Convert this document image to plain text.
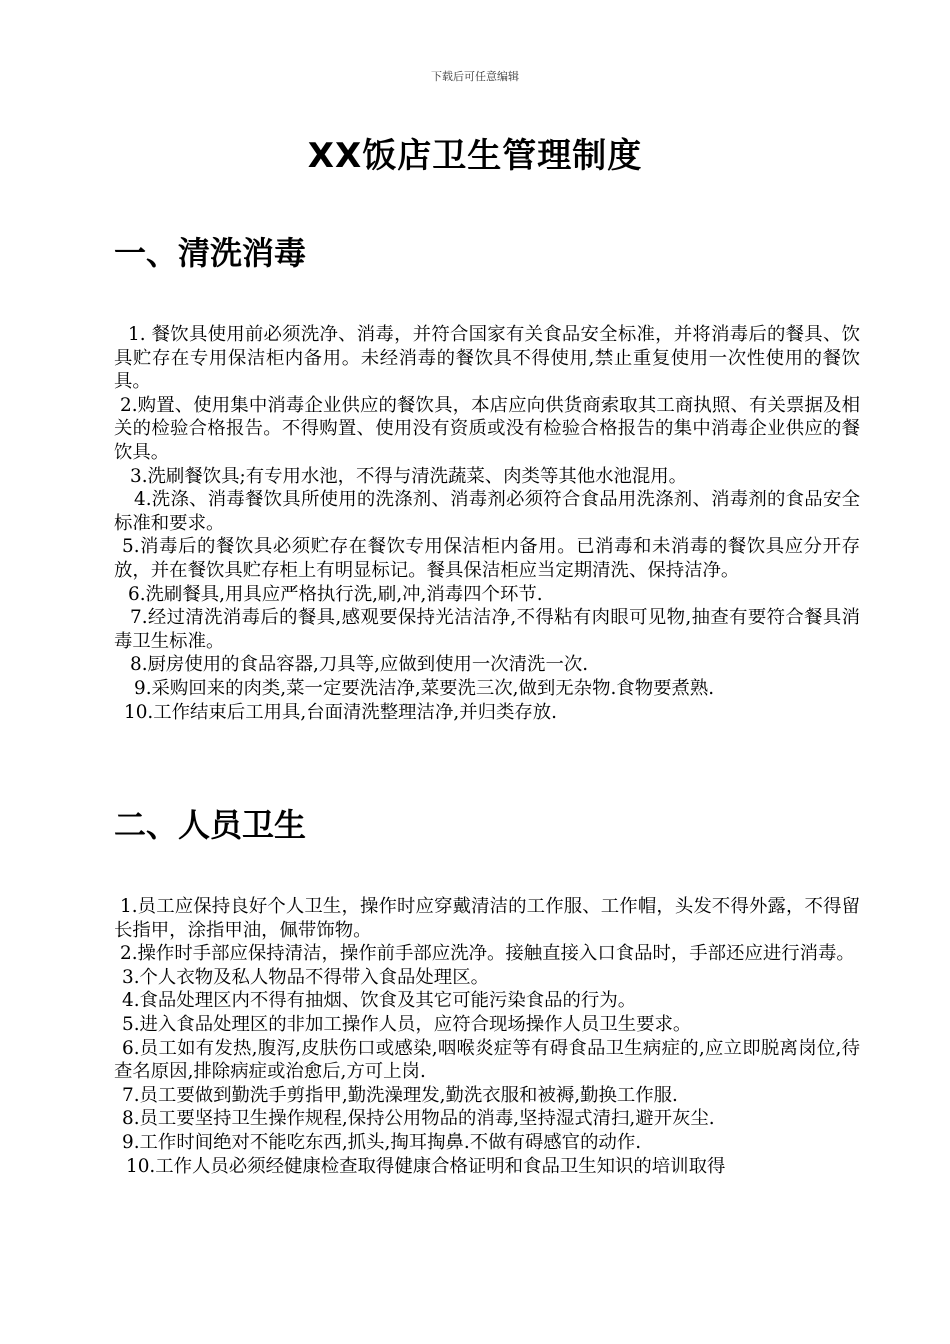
下载后可任意编辑
XX饭店卫生管理制度
一、清洗消毒

1. 餐饮具使用前必须洗净、消毒，并符合国家有关食品安全标准，并将消毒后的餐具、饮具贮存在专用保洁柜内备用。未经消毒的餐饮具不得使用,禁止重复使用一次性使用的餐饮具。

2.购置、使用集中消毒企业供应的餐饮具，本店应向供货商索取其工商执照、有关票据及相关的检验合格报告。不得购置、使用没有资质或没有检验合格报告的集中消毒企业供应的餐饮具。

3.洗刷餐饮具;有专用水池，不得与清洗蔬菜、肉类等其他水池混用。

4.洗涤、消毒餐饮具所使用的洗涤剂、消毒剂必须符合食品用洗涤剂、消毒剂的食品安全标准和要求。

5.消毒后的餐饮具必须贮存在餐饮专用保洁柜内备用。已消毒和未消毒的餐饮具应分开存放，并在餐饮具贮存柜上有明显标记。餐具保洁柜应当定期清洗、保持洁净。

6.洗刷餐具,用具应严格执行洗,刷,冲,消毒四个环节.

7.经过清洗消毒后的餐具,感观要保持光洁洁净,不得粘有肉眼可见物,抽查有要符合餐具消毒卫生标准。

8.厨房使用的食品容器,刀具等,应做到使用一次清洗一次.

9.采购回来的肉类,菜一定要洗洁净,菜要洗三次,做到无杂物.食物要煮熟.

10.工作结束后工用具,台面清洗整理洁净,并归类存放.

二、人员卫生

1.员工应保持良好个人卫生，操作时应穿戴清洁的工作服、工作帽，头发不得外露，不得留长指甲，涂指甲油，佩带饰物。

2.操作时手部应保持清洁，操作前手部应洗净。接触直接入口食品时，手部还应进行消毒。

3.个人衣物及私人物品不得带入食品处理区。

4.食品处理区内不得有抽烟、饮食及其它可能污染食品的行为。

5.进入食品处理区的非加工操作人员，应符合现场操作人员卫生要求。

6.员工如有发热,腹泻,皮肤伤口或感染,咽喉炎症等有碍食品卫生病症的,应立即脱离岗位,待查名原因,排除病症或治愈后,方可上岗.

7.员工要做到勤洗手剪指甲,勤洗澡理发,勤洗衣服和被褥,勤换工作服.

8.员工要坚持卫生操作规程,保持公用物品的消毒,坚持湿式清扫,避开灰尘.

9.工作时间绝对不能吃东西,抓头,掏耳掏鼻.不做有碍感官的动作.

10.工作人员必须经健康检查取得健康合格证明和食品卫生知识的培训取得
